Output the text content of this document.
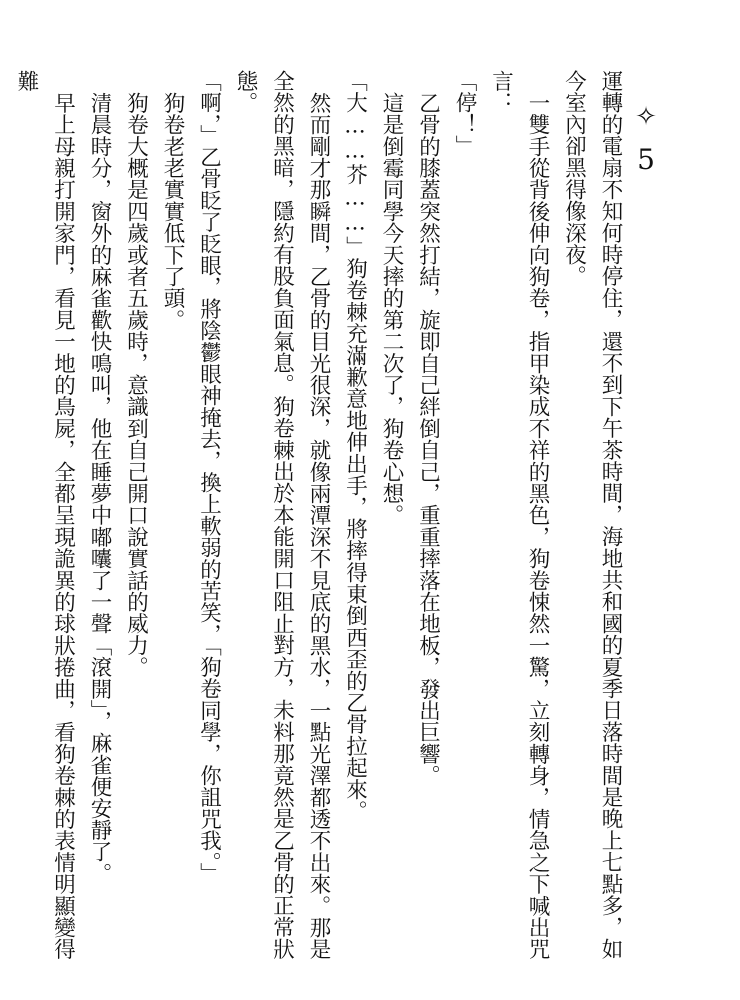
✧
5

運轉的電扇不知何時停住，還不到下午茶時間，海地共和國的夏季日落時間是晚上七點多，如今室內卻黑得像深夜。

一雙手從背後伸向狗卷，指甲染成不祥的黑色，狗卷悚然一驚，立刻轉身，情急之下喊出咒言：

「停！」

乙骨的膝蓋突然打結，旋即自己絆倒自己，重重摔落在地板，發出巨響。

這是倒霉同學今天摔的第二次了，狗卷心想。

「大……芥……」狗卷棘充滿歉意地伸出手，將摔得東倒西歪的乙骨拉起來。

然而剛才那瞬間，乙骨的目光很深，就像兩潭深不見底的黑水，一點光澤都透不出來。那是全然的黑暗，隱約有股負面氣息。狗卷棘出於本能開口阻止對方，未料那竟然是乙骨的正常狀態。

「啊，」乙骨眨了眨眼，將陰鬱眼神掩去，換上軟弱的苦笑，「狗卷同學，你詛咒我。」

狗卷老老實實低下了頭。

狗卷大概是四歲或者五歲時，意識到自己開口說實話的威力。

清晨時分，窗外的麻雀歡快鳴叫，他在睡夢中嘟囔了一聲「滾開」，麻雀便安靜了。

早上母親打開家門，看見一地的鳥屍，全都呈現詭異的球狀捲曲，看狗卷棘的表情明顯變得難
